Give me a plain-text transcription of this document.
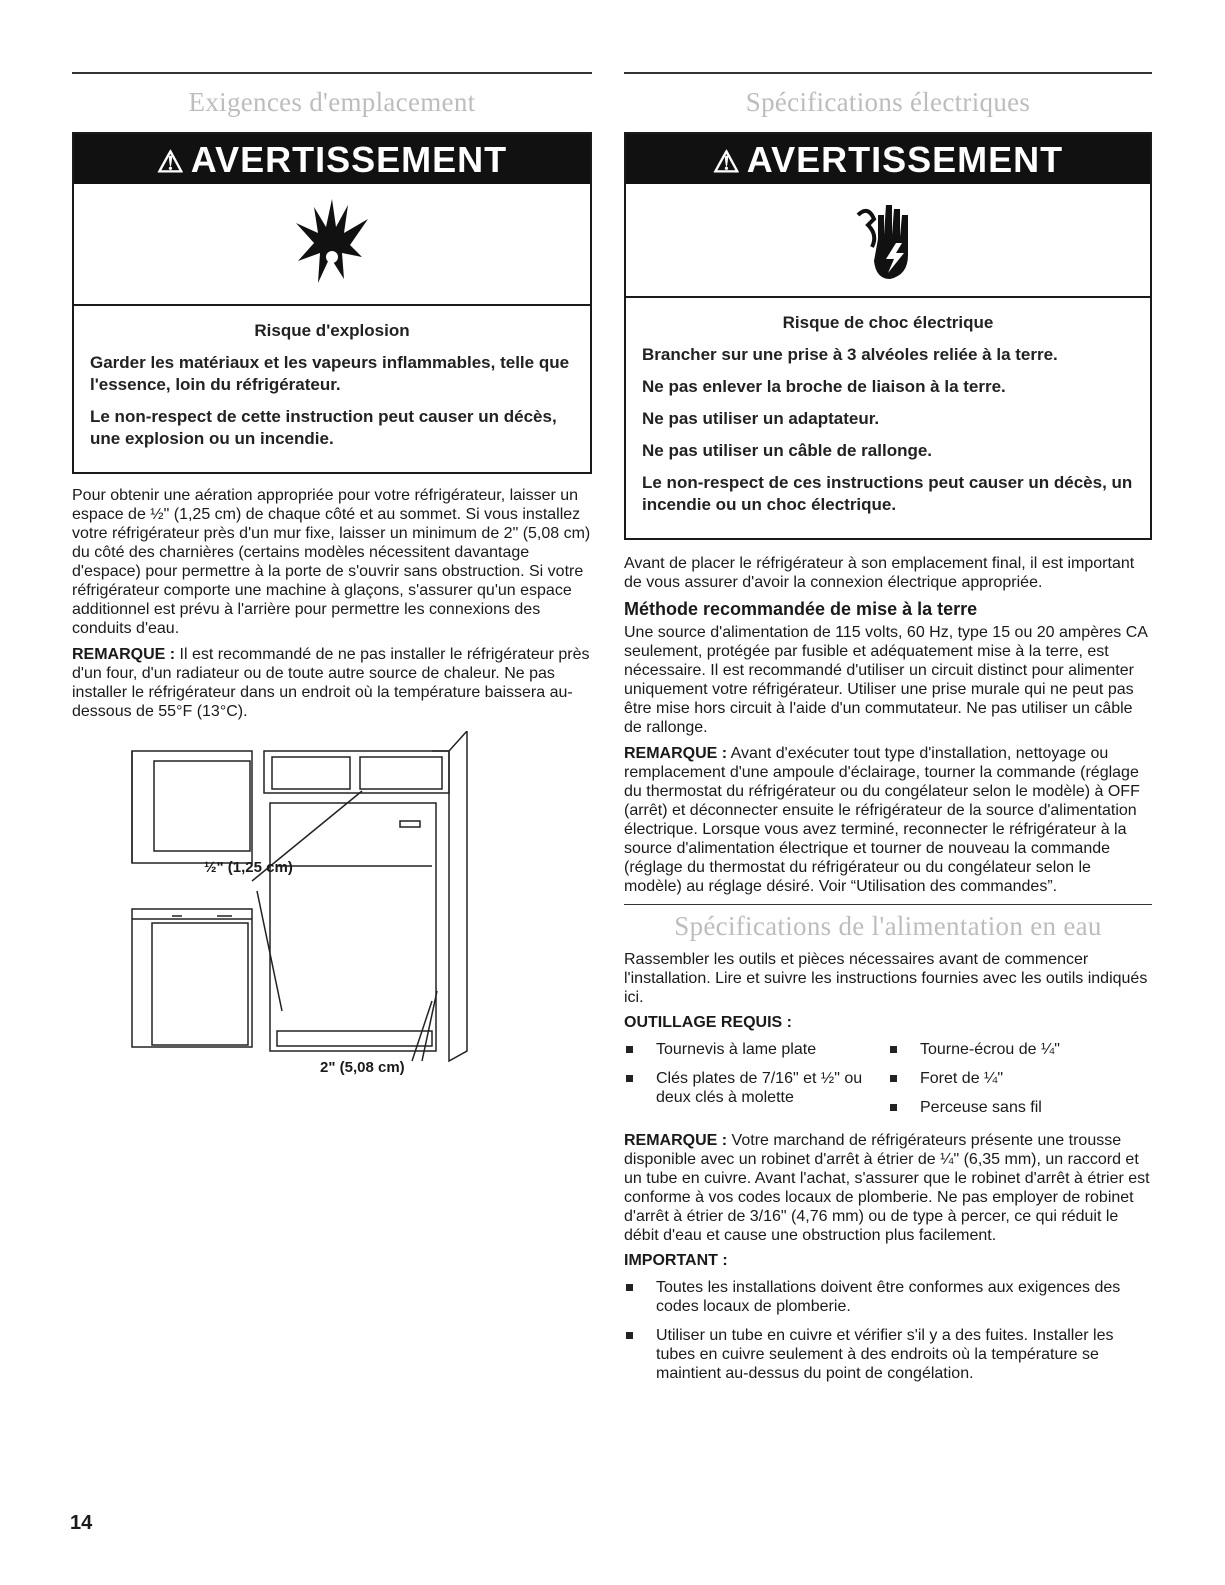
Exigences d'emplacement
⚠ AVERTISSEMENT
Risque d'explosion

Garder les matériaux et les vapeurs inflammables, telle que l'essence, loin du réfrigérateur.

Le non-respect de cette instruction peut causer un décès, une explosion ou un incendie.

Pour obtenir une aération appropriée pour votre réfrigérateur, laisser un espace de ½" (1,25 cm) de chaque côté et au sommet. Si vous installez votre réfrigérateur près d'un mur fixe, laisser un minimum de 2" (5,08 cm) du côté des charnières (certains modèles nécessitent davantage d'espace) pour permettre à la porte de s'ouvrir sans obstruction. Si votre réfrigérateur comporte une machine à glaçons, s'assurer qu'un espace additionnel est prévu à l'arrière pour permettre les connexions des conduits d'eau.

REMARQUE : Il est recommandé de ne pas installer le réfrigérateur près d'un four, d'un radiateur ou de toute autre source de chaleur. Ne pas installer le réfrigérateur dans un endroit où la température baissera au-dessous de 55°F (13°C).

½" (1,25 cm)
2" (5,08 cm)
Spécifications électriques
⚠ AVERTISSEMENT
Risque de choc électrique

Brancher sur une prise à 3 alvéoles reliée à la terre.

Ne pas enlever la broche de liaison à la terre.

Ne pas utiliser un adaptateur.

Ne pas utiliser un câble de rallonge.

Le non-respect de ces instructions peut causer un décès, un incendie ou un choc électrique.

Avant de placer le réfrigérateur à son emplacement final, il est important de vous assurer d'avoir la connexion électrique appropriée.

Méthode recommandée de mise à la terre

Une source d'alimentation de 115 volts, 60 Hz, type 15 ou 20 ampères CA seulement, protégée par fusible et adéquatement mise à la terre, est nécessaire. Il est recommandé d'utiliser un circuit distinct pour alimenter uniquement votre réfrigérateur. Utiliser une prise murale qui ne peut pas être mise hors circuit à l'aide d'un commutateur. Ne pas utiliser un câble de rallonge.

REMARQUE : Avant d'exécuter tout type d'installation, nettoyage ou remplacement d'une ampoule d'éclairage, tourner la commande (réglage du thermostat du réfrigérateur ou du congélateur selon le modèle) à OFF (arrêt) et déconnecter ensuite le réfrigérateur de la source d'alimentation électrique. Lorsque vous avez terminé, reconnecter le réfrigérateur à la source d'alimentation électrique et tourner de nouveau la commande (réglage du thermostat du réfrigérateur ou du congélateur selon le modèle) au réglage désiré. Voir “Utilisation des commandes”.

Spécifications de l'alimentation en eau

Rassembler les outils et pièces nécessaires avant de commencer l'installation. Lire et suivre les instructions fournies avec les outils indiqués ici.

OUTILLAGE REQUIS :
Tournevis à lame plate
Clés plates de 7/16" et ½" ou deux clés à molette
Tourne-écrou de ¼"
Foret de ¼"
Perceuse sans fil

REMARQUE : Votre marchand de réfrigérateurs présente une trousse disponible avec un robinet d'arrêt à étrier de ¼" (6,35 mm), un raccord et un tube en cuivre. Avant l'achat, s'assurer que le robinet d'arrêt à étrier est conforme à vos codes locaux de plomberie. Ne pas employer de robinet d'arrêt à étrier de 3/16" (4,76 mm) ou de type à percer, ce qui réduit le débit d'eau et cause une obstruction plus facilement.

IMPORTANT :
Toutes les installations doivent être conformes aux exigences des codes locaux de plomberie.
Utiliser un tube en cuivre et vérifier s'il y a des fuites. Installer les tubes en cuivre seulement à des endroits où la température se maintient au-dessus du point de congélation.
14
